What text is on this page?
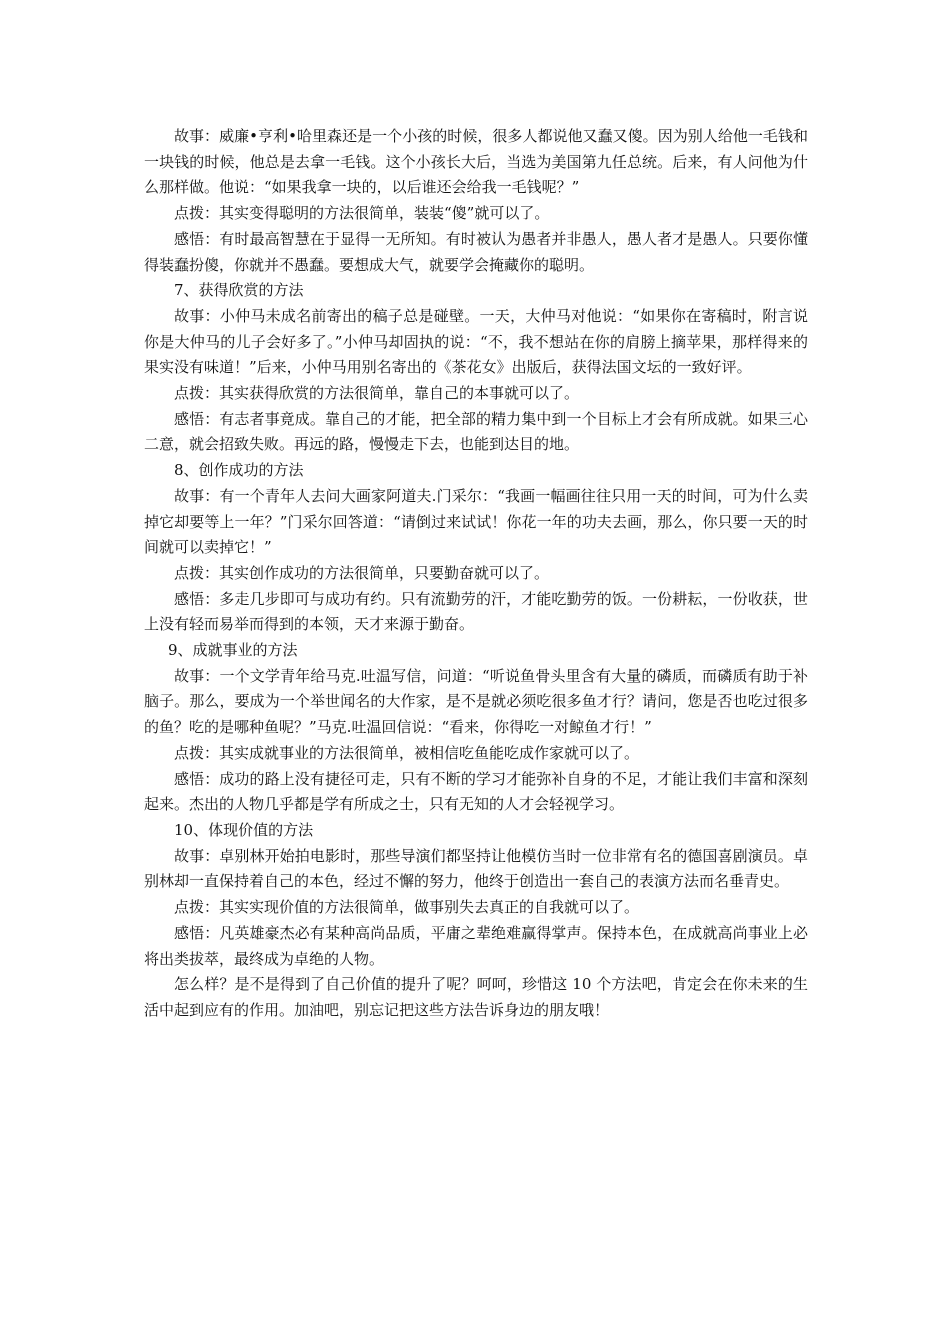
故事：威廉•亨利•哈里森还是一个小孩的时候，很多人都说他又蠢又傻。因为别人给他一毛钱和一块钱的时候，他总是去拿一毛钱。这个小孩长大后，当选为美国第九任总统。后来，有人问他为什么那样做。他说：“如果我拿一块的，以后谁还会给我一毛钱呢？”

点拨：其实变得聪明的方法很简单，装装“傻”就可以了。

感悟：有时最高智慧在于显得一无所知。有时被认为愚者并非愚人，愚人者才是愚人。只要你懂得装蠢扮傻，你就并不愚蠢。要想成大气，就要学会掩藏你的聪明。

7、获得欣赏的方法

故事：小仲马未成名前寄出的稿子总是碰壁。一天，大仲马对他说：“如果你在寄稿时，附言说你是大仲马的儿子会好多了。”小仲马却固执的说：“不，我不想站在你的肩膀上摘苹果，那样得来的果实没有味道！”后来，小仲马用别名寄出的《茶花女》出版后，获得法国文坛的一致好评。

点拨：其实获得欣赏的方法很简单，靠自己的本事就可以了。

感悟：有志者事竟成。靠自己的才能，把全部的精力集中到一个目标上才会有所成就。如果三心二意，就会招致失败。再远的路，慢慢走下去，也能到达目的地。

8、创作成功的方法

故事：有一个青年人去问大画家阿道夫.门采尔：“我画一幅画往往只用一天的时间，可为什么卖掉它却要等上一年？”门采尔回答道：“请倒过来试试！你花一年的功夫去画，那么，你只要一天的时间就可以卖掉它！”

点拨：其实创作成功的方法很简单，只要勤奋就可以了。

感悟：多走几步即可与成功有约。只有流勤劳的汗，才能吃勤劳的饭。一份耕耘，一份收获，世上没有轻而易举而得到的本领，天才来源于勤奋。

9、成就事业的方法

故事：一个文学青年给马克.吐温写信，问道：“听说鱼骨头里含有大量的磷质，而磷质有助于补脑子。那么，要成为一个举世闻名的大作家，是不是就必须吃很多鱼才行？请问，您是否也吃过很多的鱼？吃的是哪种鱼呢？”马克.吐温回信说：“看来，你得吃一对鲸鱼才行！”

点拨：其实成就事业的方法很简单，被相信吃鱼能吃成作家就可以了。

感悟：成功的路上没有捷径可走，只有不断的学习才能弥补自身的不足，才能让我们丰富和深刻起来。杰出的人物几乎都是学有所成之士，只有无知的人才会轻视学习。

10、体现价值的方法

故事：卓别林开始拍电影时，那些导演们都坚持让他模仿当时一位非常有名的德国喜剧演员。卓别林却一直保持着自己的本色，经过不懈的努力，他终于创造出一套自己的表演方法而名垂青史。

点拨：其实实现价值的方法很简单，做事别失去真正的自我就可以了。

感悟：凡英雄豪杰必有某种高尚品质，平庸之辈绝难赢得掌声。保持本色，在成就高尚事业上必将出类拔萃，最终成为卓绝的人物。

怎么样？是不是得到了自己价值的提升了呢？呵呵，珍惜这 10 个方法吧，肯定会在你未来的生活中起到应有的作用。加油吧，别忘记把这些方法告诉身边的朋友哦！
